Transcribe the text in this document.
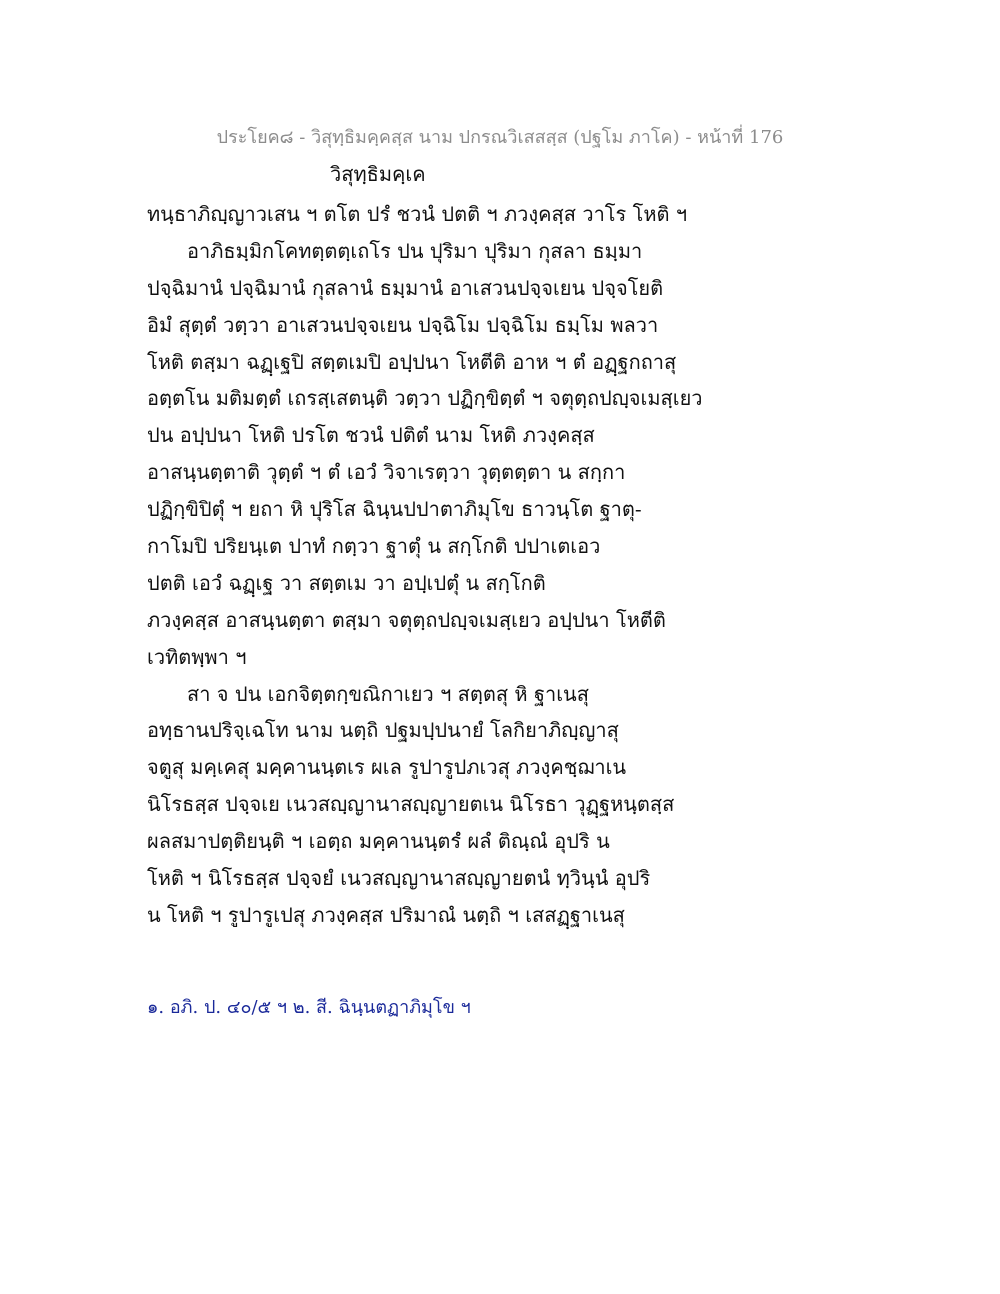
ประโยค๘ - วิสุทฺธิมคฺคสฺส นาม ปกรณวิเสสสฺส (ปฐโม ภาโค) - หน้าที่ 176
วิสุทฺธิมคฺเค
ทนฺธาภิญฺญาวเสน ฯ ตโต ปรํ ชวนํ ปตติ ฯ ภวงฺคสฺส วาโร โหติ ฯ
อาภิธมฺมิกโคทตฺตตฺเถโร ปน ปุริมา ปุริมา กุสลา ธมฺมา
ปจฺฉิมานํ ปจฺฉิมานํ กุสลานํ ธมฺมานํ อาเสวนปจฺจเยน ปจฺจโยติ
อิมํ สุตฺตํ วตฺวา อาเสวนปจฺจเยน ปจฺฉิโม ปจฺฉิโม ธมฺโม พลวา
โหติ ตสฺมา ฉฏฺเฐปิ สตฺตเมปิ อปฺปนา โหตีติ อาห ฯ ตํ อฏฺฐกถาสุ
อตฺตโน มติมตฺตํ เถรสฺเสตนฺติ วตฺวา ปฏิกฺขิตฺตํ ฯ จตุตฺถปญฺจเมสฺเยว
ปน อปฺปนา โหติ ปรโต ชวนํ ปติตํ นาม โหติ ภวงฺคสฺส
อาสนฺนตฺตาติ วุตฺตํ ฯ ตํ เอวํ วิจาเรตฺวา วุตฺตตฺตา น สกฺกา
ปฏิกฺขิปิตุํ ฯ ยถา หิ ปุริโส ฉินฺนปปาตาภิมุโข ธาวนฺโต ฐาตุ-
กาโมปิ ปริยนฺเต ปาทํ กตฺวา ฐาตุํ น สกฺโกติ ปปาเตเอว
ปตติ เอวํ ฉฏฺเฐ วา สตฺตเม วา อปฺเปตุํ น สกฺโกติ
ภวงฺคสฺส อาสนฺนตฺตา ตสฺมา จตุตฺถปญฺจเมสฺเยว อปฺปนา โหตีติ
เวทิตพฺพา ฯ
สา จ ปน เอกจิตฺตกฺขณิกาเยว ฯ สตฺตสุ หิ ฐาเนสุ
อทฺธานปริจฺเฉโท นาม นตฺถิ ปฐมปฺปนายํ โลกิยาภิญฺญาสุ
จตูสุ มคฺเคสุ มคฺคานนฺตเร ผเล รูปารูปภเวสุ ภวงฺคชฺฌาเน
นิโรธสฺส ปจฺจเย เนวสญฺญานาสญฺญายตเน นิโรธา วุฏฺฐหนฺตสฺส
ผลสมาปตฺติยนฺติ ฯ เอตฺถ มคฺคานนฺตรํ ผลํ ติณฺณํ อุปริ น
โหติ ฯ นิโรธสฺส ปจฺจยํ เนวสญฺญานาสญฺญายตนํ ทฺวินฺนํ อุปริ
น โหติ ฯ รูปารูเปสุ ภวงฺคสฺส ปริมาณํ นตฺถิ ฯ เสสฏฺฐาเนสุ
๑. อภิ. ป. ๔๐/๕ ฯ ๒. สี. ฉินฺนตฏาภิมุโข ฯ
